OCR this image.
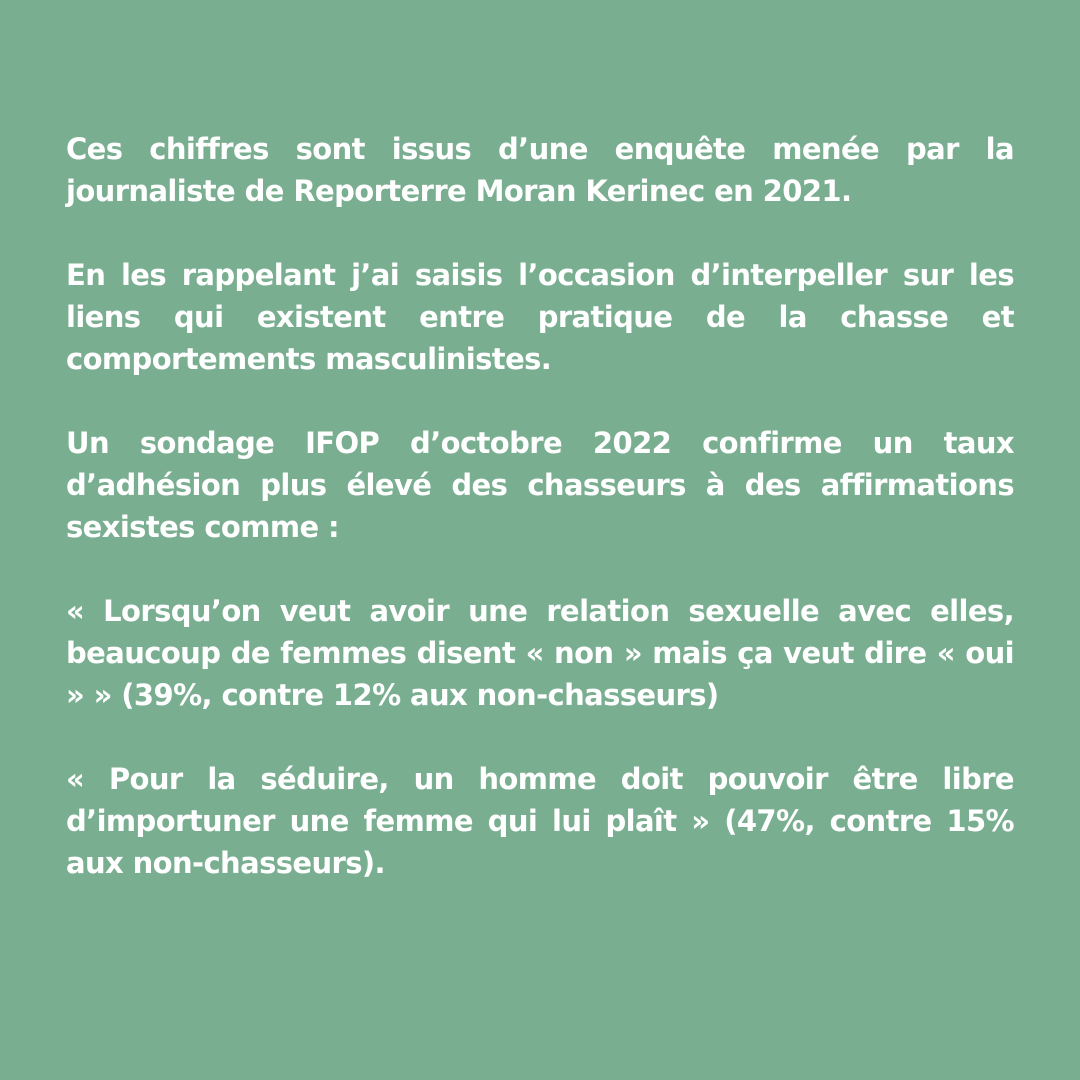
Ces chiffres sont issus d’une enquête menée par la journaliste de Reporterre Moran Kerinec en 2021.

En les rappelant j’ai saisis l’occasion d’interpeller sur les liens qui existent entre pratique de la chasse et comportements masculinistes.

Un sondage IFOP d’octobre 2022 confirme un taux d’adhésion plus élevé des chasseurs à des affirmations sexistes comme :

« Lorsqu’on veut avoir une relation sexuelle avec elles, beaucoup de femmes disent « non » mais ça veut dire « oui » » (39%, contre 12% aux non-chasseurs)

« Pour la séduire, un homme doit pouvoir être libre d’importuner une femme qui lui plaît » (47%, contre 15% aux non-chasseurs).
